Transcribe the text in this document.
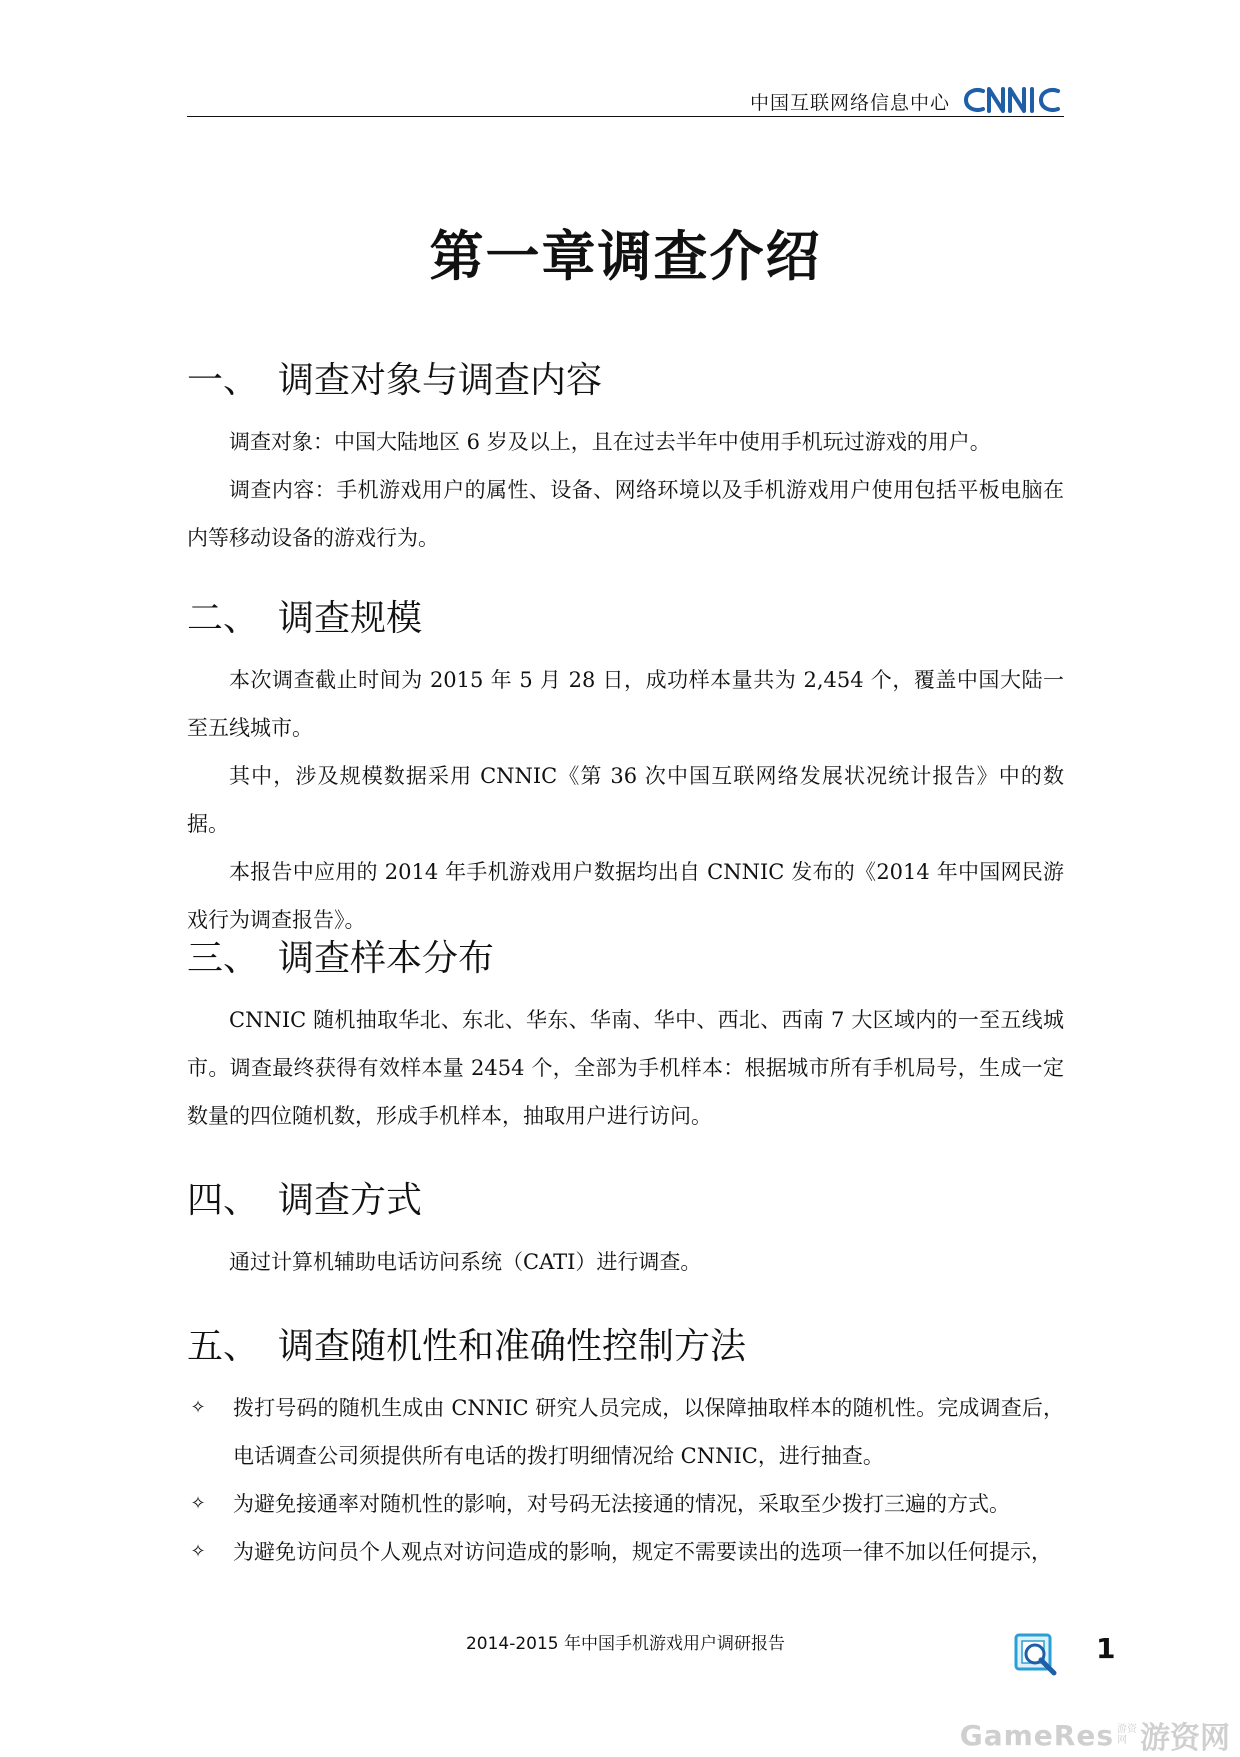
中国互联网络信息中心
第一章调查介绍
一、 调查对象与调查内容

调查对象：中国大陆地区 6 岁及以上，且在过去半年中使用手机玩过游戏的用户。

调查内容：手机游戏用户的属性、设备、网络环境以及手机游戏用户使用包括平板电脑在内等移动设备的游戏行为。

二、 调查规模

本次调查截止时间为 2015 年 5 月 28 日，成功样本量共为 2,454 个，覆盖中国大陆一至五线城市。

其中，涉及规模数据采用 CNNIC《第 36 次中国互联网络发展状况统计报告》中的数据。

本报告中应用的 2014 年手机游戏用户数据均出自 CNNIC 发布的《2014 年中国网民游戏行为调查报告》。

三、 调查样本分布

CNNIC 随机抽取华北、东北、华东、华南、华中、西北、西南 7 大区域内的一至五线城市。调查最终获得有效样本量 2454 个，全部为手机样本：根据城市所有手机局号，生成一定数量的四位随机数，形成手机样本，抽取用户进行访问。

四、 调查方式

通过计算机辅助电话访问系统（CATI）进行调查。

五、 调查随机性和准确性控制方法
✧ 拨打号码的随机生成由 CNNIC 研究人员完成，以保障抽取样本的随机性。完成调查后，电话调查公司须提供所有电话的拨打明细情况给 CNNIC，进行抽查。
✧ 为避免接通率对随机性的影响，对号码无法接通的情况，采取至少拨打三遍的方式。
✧ 为避免访问员个人观点对访问造成的影响，规定不需要读出的选项一律不加以任何提示，
2014-2015 年中国手机游戏用户调研报告	1
GameRes 游资
网 游资网
